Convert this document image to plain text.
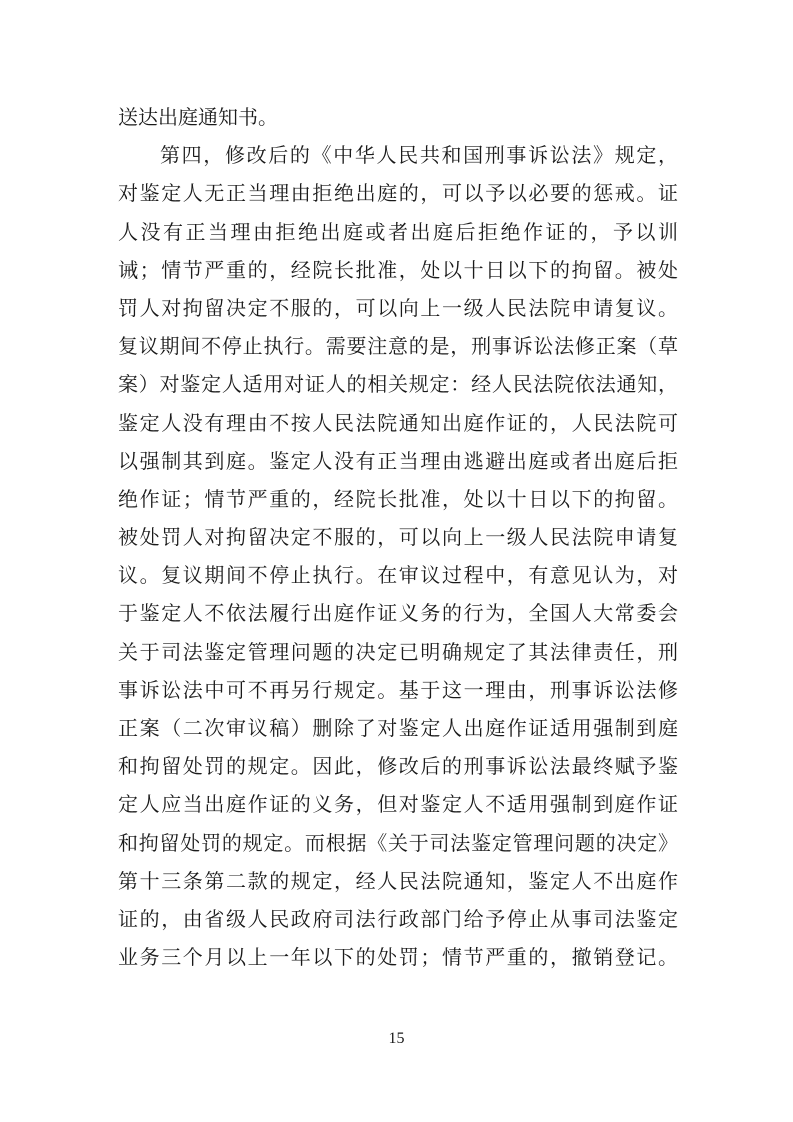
送达出庭通知书。
第四，修改后的《中华人民共和国刑事诉讼法》规定，
对鉴定人无正当理由拒绝出庭的，可以予以必要的惩戒。证
人没有正当理由拒绝出庭或者出庭后拒绝作证的，予以训
诫；情节严重的，经院长批准，处以十日以下的拘留。被处
罚人对拘留决定不服的，可以向上一级人民法院申请复议。
复议期间不停止执行。需要注意的是，刑事诉讼法修正案（草
案）对鉴定人适用对证人的相关规定：经人民法院依法通知，
鉴定人没有理由不按人民法院通知出庭作证的，人民法院可
以强制其到庭。鉴定人没有正当理由逃避出庭或者出庭后拒
绝作证；情节严重的，经院长批准，处以十日以下的拘留。
被处罚人对拘留决定不服的，可以向上一级人民法院申请复
议。复议期间不停止执行。在审议过程中，有意见认为，对
于鉴定人不依法履行出庭作证义务的行为，全国人大常委会
关于司法鉴定管理问题的决定已明确规定了其法律责任，刑
事诉讼法中可不再另行规定。基于这一理由，刑事诉讼法修
正案（二次审议稿）删除了对鉴定人出庭作证适用强制到庭
和拘留处罚的规定。因此，修改后的刑事诉讼法最终赋予鉴
定人应当出庭作证的义务，但对鉴定人不适用强制到庭作证
和拘留处罚的规定。而根据《关于司法鉴定管理问题的决定》
第十三条第二款的规定，经人民法院通知，鉴定人不出庭作
证的，由省级人民政府司法行政部门给予停止从事司法鉴定
业务三个月以上一年以下的处罚；情节严重的，撤销登记。
15
